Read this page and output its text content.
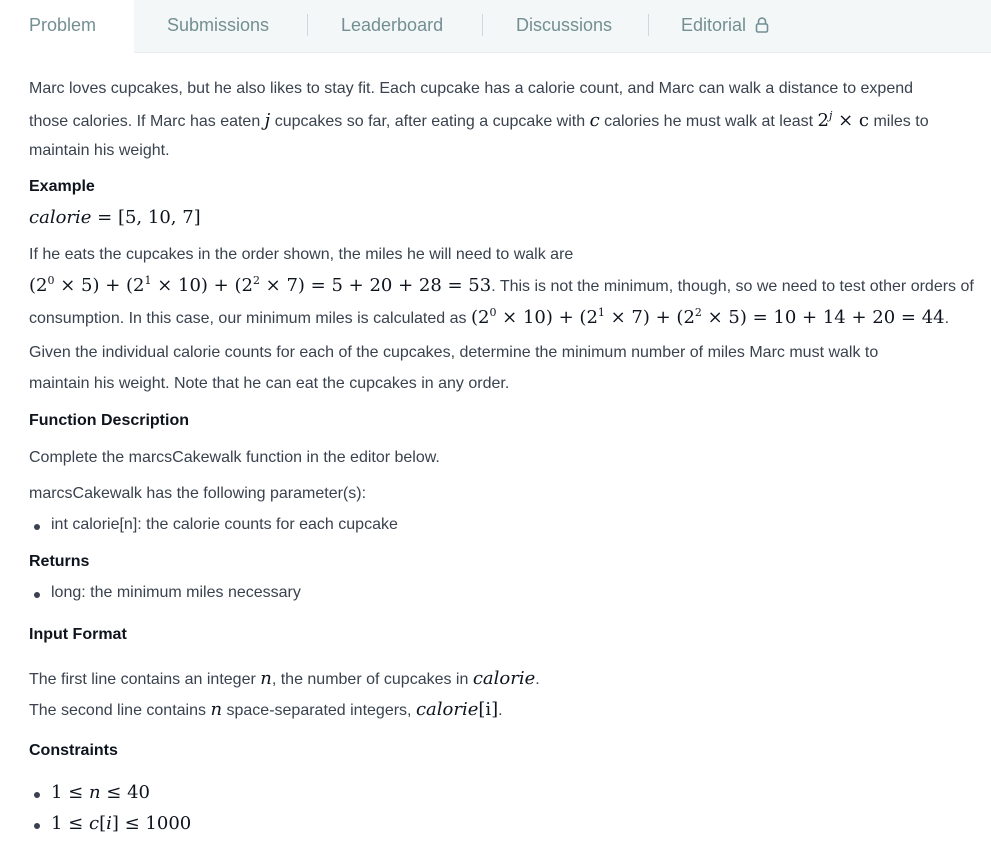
Problem	Submissions	Leaderboard	Discussions	Editorial
Marc loves cupcakes, but he also likes to stay fit. Each cupcake has a calorie count, and Marc can walk a distance to expend
those calories. If Marc has eaten j cupcakes so far, after eating a cupcake with c calories he must walk at least $2^j \times c$ miles to
maintain his weight.
Example
calorie = [5, 10, 7]
If he eats the cupcakes in the order shown, the miles he will need to walk are
$(2^0 \times 5) + (2^1 \times 10) + (2^2 \times 7) = 5 + 20 + 28 = 53$. This is not the minimum, though, so we need to test other orders of
consumption. In this case, our minimum miles is calculated as $(2^0 \times 10) + (2^1 \times 7) + (2^2 \times 5) = 10 + 14 + 20 = 44$.
Given the individual calorie counts for each of the cupcakes, determine the minimum number of miles Marc must walk to
maintain his weight. Note that he can eat the cupcakes in any order.
Function Description
Complete the marcsCakewalk function in the editor below.
marcsCakewalk has the following parameter(s):
int calorie[n]: the calorie counts for each cupcake
Returns
long: the minimum miles necessary
Input Format
The first line contains an integer n, the number of cupcakes in calorie.
The second line contains n space-separated integers, calorie[i].
Constraints
1 ≤ n ≤ 40
1 ≤ c[i] ≤ 1000
